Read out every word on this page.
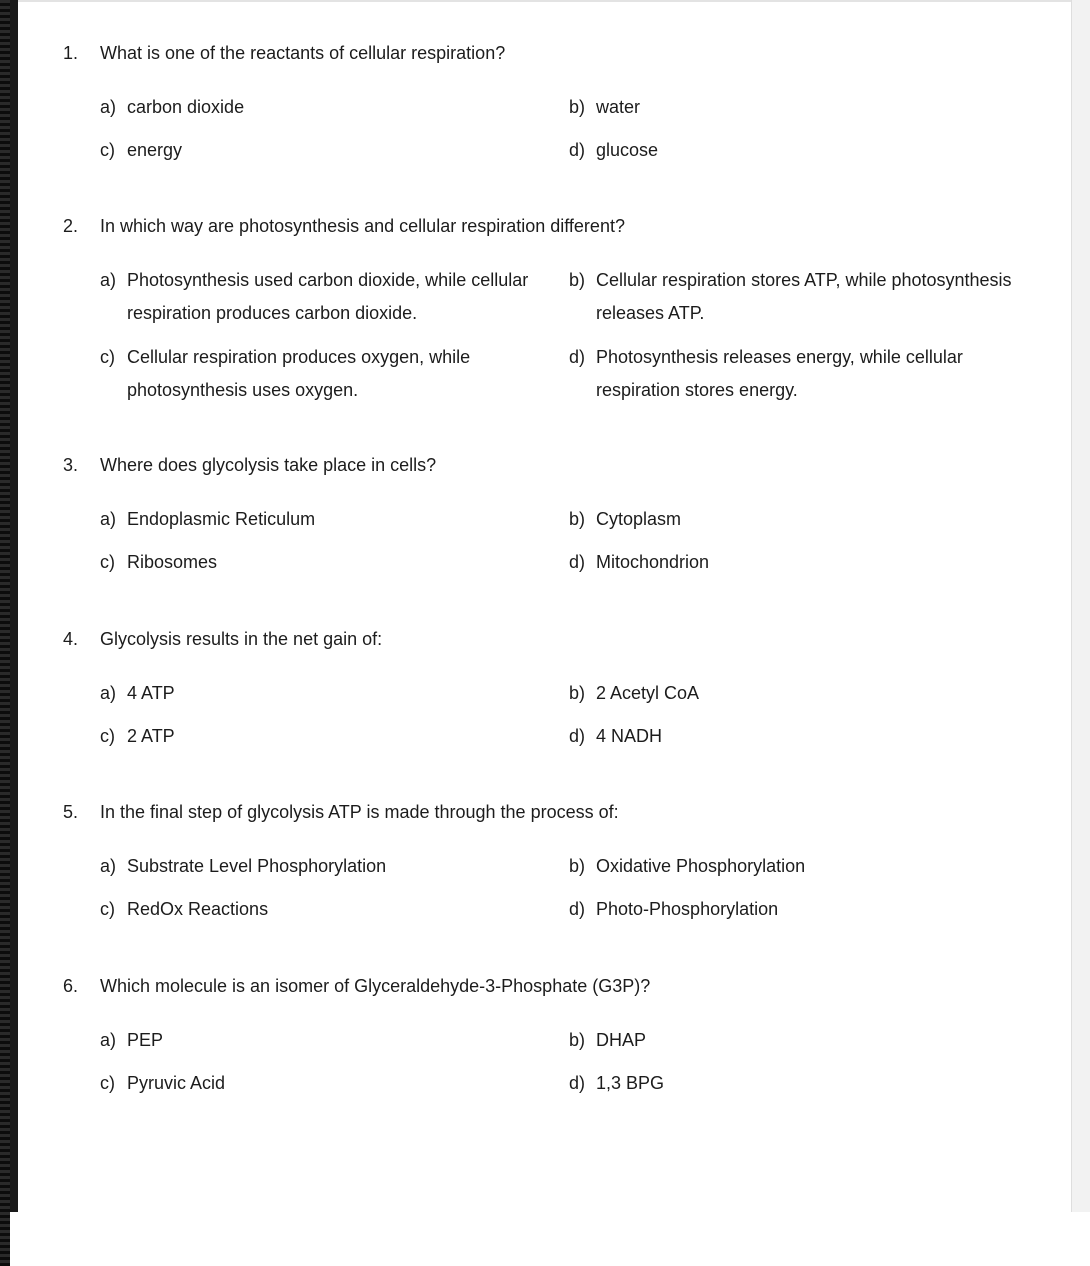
1. What is one of the reactants of cellular respiration?
a) carbon dioxide	b) water
c) energy	d) glucose
2. In which way are photosynthesis and cellular respiration different?
a) Photosynthesis used carbon dioxide, while cellular respiration produces carbon dioxide.
b) Cellular respiration stores ATP, while photosynthesis releases ATP.
c) Cellular respiration produces oxygen, while photosynthesis uses oxygen.
d) Photosynthesis releases energy, while cellular respiration stores energy.
3. Where does glycolysis take place in cells?
a) Endoplasmic Reticulum	b) Cytoplasm
c) Ribosomes	d) Mitochondrion
4. Glycolysis results in the net gain of:
a) 4 ATP	b) 2 Acetyl CoA
c) 2 ATP	d) 4 NADH
5. In the final step of glycolysis ATP is made through the process of:
a) Substrate Level Phosphorylation	b) Oxidative Phosphorylation
c) RedOx Reactions	d) Photo-Phosphorylation
6. Which molecule is an isomer of Glyceraldehyde-3-Phosphate (G3P)?
a) PEP	b) DHAP
c) Pyruvic Acid	d) 1,3 BPG
